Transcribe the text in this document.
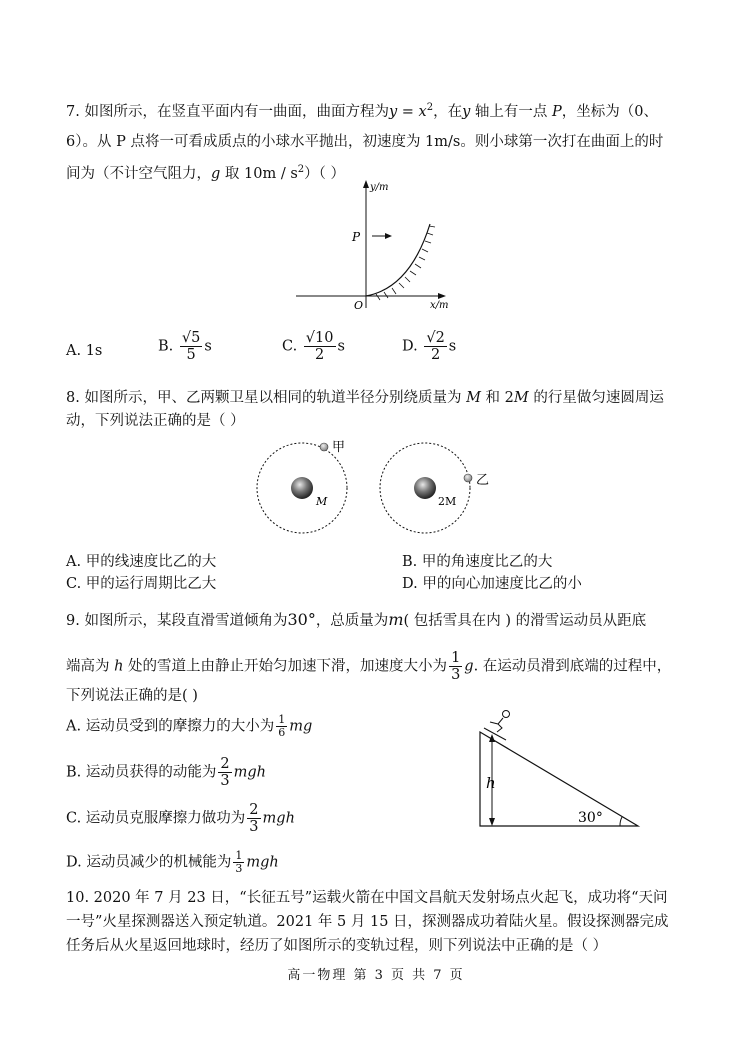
7. 如图所示，在竖直平面内有一曲面，曲面方程为$y = x^2$，在y 轴上有一点 P，坐标为（0、
6）。从 P 点将一可看成质点的小球水平抛出，初速度为 1m/s。则小球第一次打在曲面上的时
间为（不计空气阻力，g 取 $10m / s^2$）（ ）
P
y/m
x/m
O
A. 1s	B. $\frac{√5}{5}$ s	C. $\frac{√10}{2}$ s	D. $\frac{√2}{2}$ s
8. 如图所示，甲、乙两颗卫星以相同的轨道半径分别绕质量为 M 和 2M 的行星做匀速圆周运
动，下列说法正确的是（ ）
甲
M
乙
2M
A. 甲的线速度比乙的大	B. 甲的角速度比乙的大
C. 甲的运行周期比乙大	D. 甲的向心加速度比乙的小
9. 如图所示，某段直滑雪道倾角为30°，总质量为m( 包括雪具在内 ) 的滑雪运动员从距底
端高为 h 处的雪道上由静止开始匀加速下滑，加速度大小为 $\frac{1}{3} g$. 在运动员滑到底端的过程中，
下列说法正确的是( )
A. 运动员受到的摩擦力的大小为 $\frac{1}{6}$ mg
B. 运动员获得的动能为 $\frac{2}{3}$ mgh
C. 运动员克服摩擦力做功为 $\frac{2}{3}$ mgh
D. 运动员减少的机械能为 $\frac{1}{3}$ mgh
h
30°
10. 2020 年 7 月 23 日，“长征五号”运载火箭在中国文昌航天发射场点火起飞，成功将“天问
一号”火星探测器送入预定轨道。2021 年 5 月 15 日，探测器成功着陆火星。假设探测器完成
任务后从火星返回地球时，经历了如图所示的变轨过程，则下列说法中正确的是（ ）
高一物理 第 3 页 共 7 页
